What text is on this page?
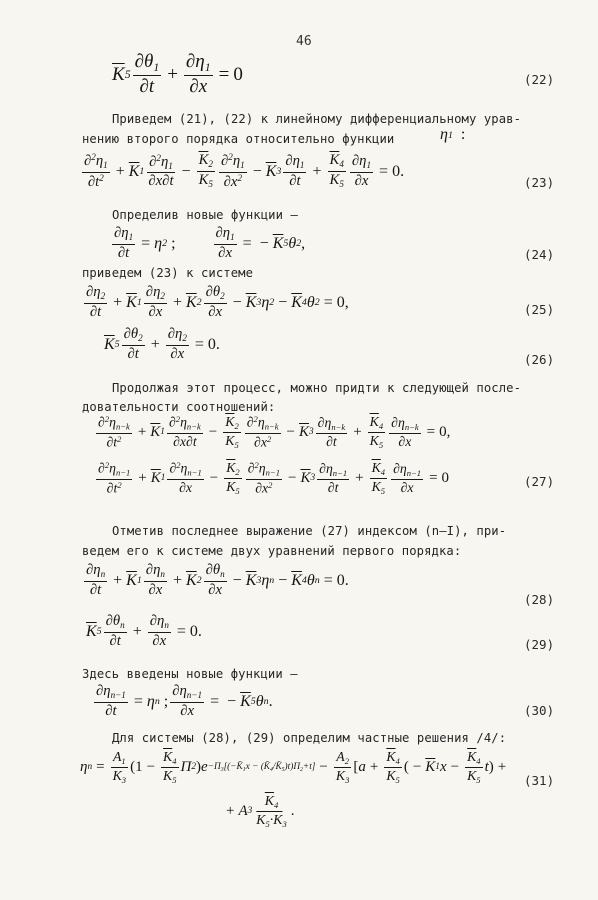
46
$\overline{K}$ $5 \frac{\partial\theta_1}{\partial t} + \frac{\partial\eta_1}{\partial x} = 0$	(22)
Приведем (21), (22) к линейному дифференциальному урав-
нению второго порядка относительно функции	η 1
:
$\frac{\partial^2\eta_1}{\partial t^2} + \overline{K}$ $1 \frac{\partial^2\eta_1}{\partial x\partial t} - \frac{\overline{K}_2}{\overline{K}_5} \frac{\partial^2\eta_1}{\partial x^2} - \overline{K}$ $3 \frac{\partial\eta_1}{\partial t} + \frac{\overline{K}_4}{\overline{K}_5} \frac{\partial\eta_1}{\partial x} = 0$.
(23)
Определив новые функции –
$\frac{\partial\eta_1}{\partial t} = \eta$ 2 ;	$\frac{\partial\eta_1}{\partial x}$ = − $\overline{K}$ 5 θ 2 ,
(24)
приведем (23) к системе
$\frac{\partial\eta_2}{\partial t} + \overline{K}$ $1 \frac{\partial\eta_2}{\partial x} + \overline{K}$ $2 \frac{\partial\theta_2}{\partial x} - \overline{K}$ 3 η $2 - \overline{K}$ 4 θ 2 = 0,	(25)
$\overline{K}$ $5 \frac{\partial\theta_2}{\partial t} + \frac{\partial\eta_2}{\partial x} = 0$.
(26)
Продолжая этот процесс, можно придти к следующей после-
довательности соотношений:
$\frac{\partial^2\eta_{n-k}}{\partial t^2} + \overline{K}$ $1 \frac{\partial^2\eta_{n-k}}{\partial x\partial t} - \frac{\overline{K}_2}{\overline{K}_5} \frac{\partial^2\eta_{n-k}}{\partial x^2} - \overline{K}$ $3 \frac{\partial\eta_{n-k}}{\partial t} + \frac{\overline{K}_4}{\overline{K}_5} \frac{\partial\eta_{n-k}}{\partial x} = 0$,
$\frac{\partial^2\eta_{n-1}}{\partial t^2} + \overline{K}$ $1 \frac{\partial^2\eta_{n-1}}{\partial x} - \frac{\overline{K}_2}{\overline{K}_5} \frac{\partial^2\eta_{n-1}}{\partial x^2} - \overline{K}$ $3 \frac{\partial\eta_{n-1}}{\partial t} + \frac{\overline{K}_4}{\overline{K}_5} \frac{\partial\eta_{n-1}}{\partial x} = 0$	(27)
Отметив последнее выражение (27) индексом (n–I), при-
ведем его к системе двух уравнений первого порядка:
$\frac{\partial\eta_n}{\partial t} + \overline{K}$ $1 \frac{\partial\eta_n}{\partial x} + \overline{K}$ $2 \frac{\partial\theta_n}{\partial x} - \overline{K}$ 3 η $n - \overline{K}$ 4 θ n = 0.
(28)
$\overline{K}$ $5 \frac{\partial\theta_n}{\partial t} + \frac{\partial\eta_n}{\partial x} = 0$.
(29)
Здесь введены новые функции –
$\frac{\partial\eta_{n-1}}{\partial t} = \eta$ n ; $\frac{\partial\eta_{n-1}}{\partial x}$ = − $\overline{K}$ 5 θ n .
(30)
Для системы (28), (29) определим частные решения /4/:
η $n = \frac{A_1}{\overline{K}_3}$ ( $1 - \frac{\overline{K}_4}{\overline{K}_5}$ Π 2 ) $e -\Pi_3[(-K̄_1x$ − $(K̄_4/K̄_5)t)\Pi_2+t] - \frac{A_2}{\overline{K}_3}$ [ $a + \frac{\overline{K}_4}{\overline{K}_5}$ ( − $\overline{K}$ 1 $x - \frac{\overline{K}_4}{\overline{K}_5}$ t ) +
(31)
+ A $3 \frac{\overline{K}_4}{\overline{K}_5\cdot\overline{K}_3}$ .
